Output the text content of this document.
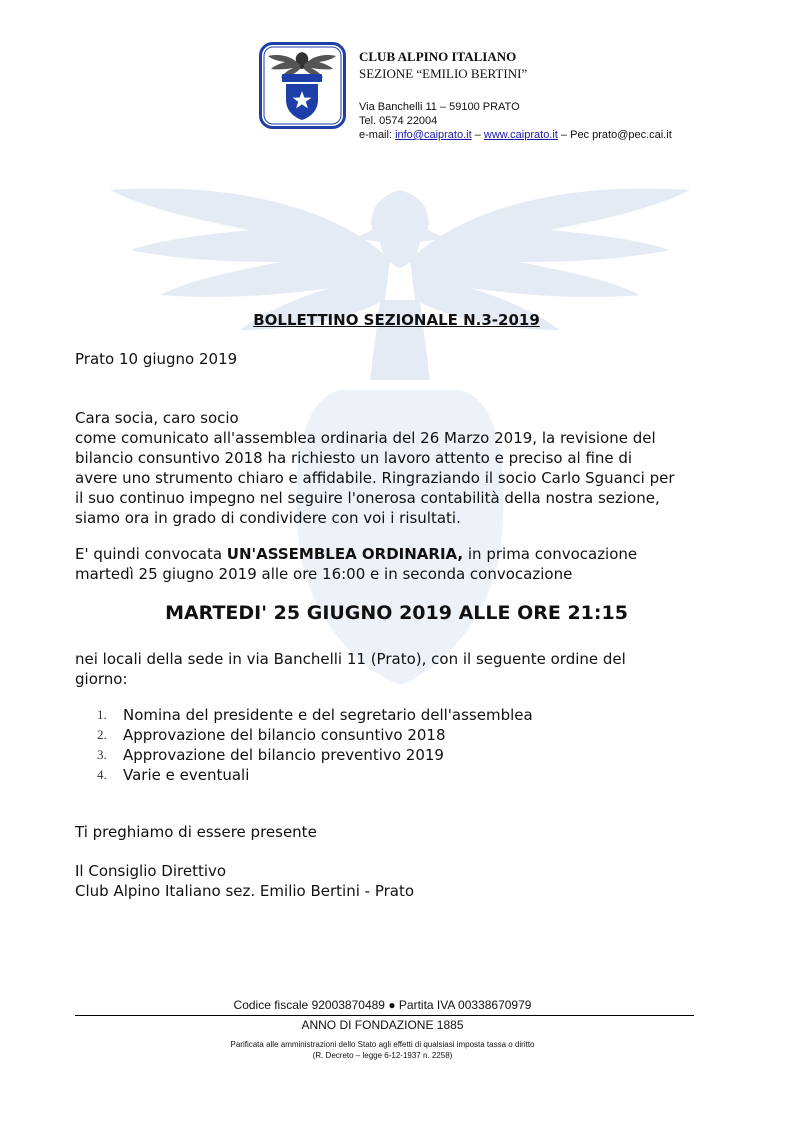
CLUB ALPINO ITALIANO
SEZIONE “EMILIO BERTINI”
Via Banchelli 11 – 59100 PRATO
Tel. 0574 22004
e-mail: info@caiprato.it – www.caiprato.it – Pec prato@pec.cai.it
BOLLETTINO SEZIONALE N.3-2019

Prato 10 giugno 2019

Cara socia, caro socio
come comunicato all'assemblea ordinaria del 26 Marzo 2019, la revisione del
bilancio consuntivo 2018 ha richiesto un lavoro attento e preciso al fine di
avere uno strumento chiaro e affidabile. Ringraziando il socio Carlo Sguanci per
il suo continuo impegno nel seguire l'onerosa contabilità della nostra sezione,
siamo ora in grado di condividere con voi i risultati.

E' quindi convocata UN'ASSEMBLEA ORDINARIA, in prima convocazione
martedì 25 giugno 2019 alle ore 16:00 e in seconda convocazione

MARTEDI' 25 GIUGNO 2019 ALLE ORE 21:15

nei locali della sede in via Banchelli 11 (Prato), con il seguente ordine del
giorno:

1.	Nomina del presidente e del segretario dell'assemblea
2.	Approvazione del bilancio consuntivo 2018
3.	Approvazione del bilancio preventivo 2019
4.	Varie e eventuali

Ti preghiamo di essere presente

Il Consiglio Direttivo
Club Alpino Italiano sez. Emilio Bertini - Prato

Codice fiscale 92003870489 ● Partita IVA 00338670979
ANNO DI FONDAZIONE 1885
Parificata alle amministrazioni dello Stato agli effetti di qualsiasi imposta tassa o diritto
(R. Decreto – legge 6-12-1937 n. 2258)
